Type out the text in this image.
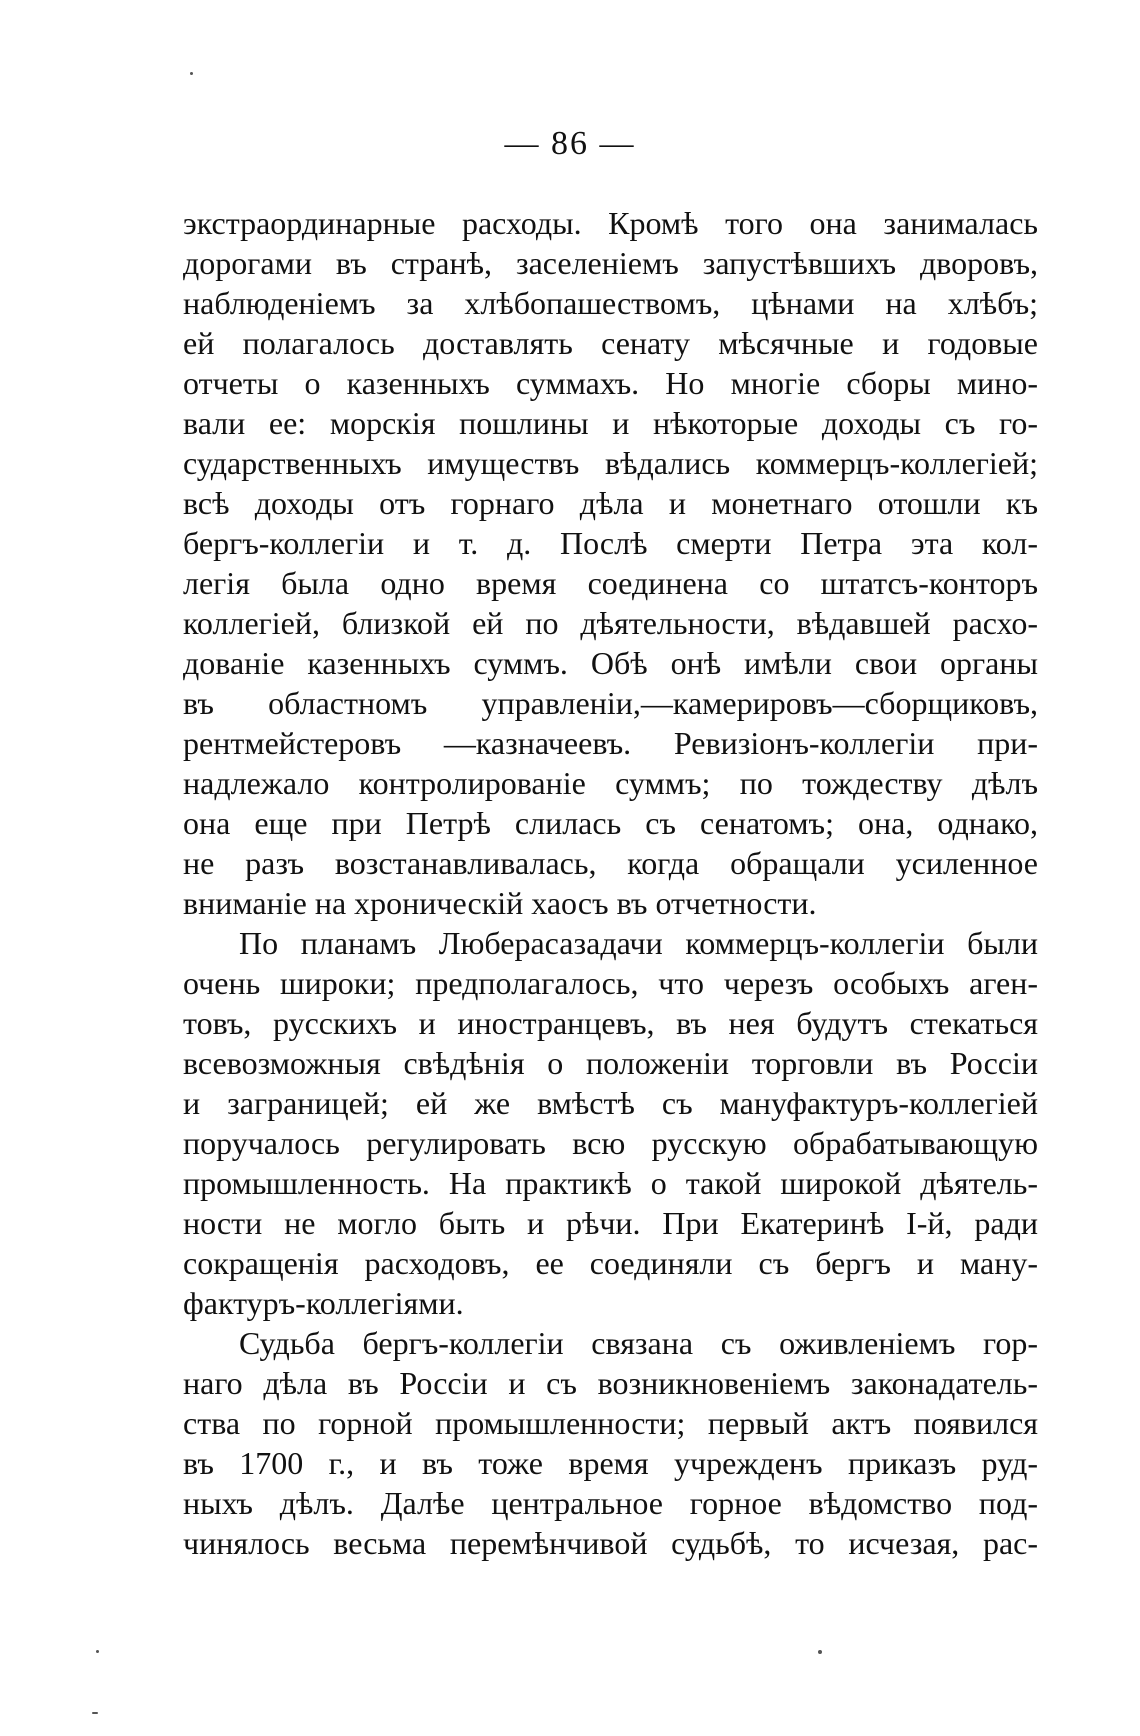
— 86 —
экстраординарные расходы. Кромѣ того она занималась
дорогами въ странѣ, заселенiемъ запустѣвшихъ дворовъ,
наблюденiемъ за хлѣбопашествомъ, цѣнами на хлѣбъ;
ей полагалось доставлять сенату мѣсячные и годовые
отчеты о казенныхъ суммахъ. Но многiе сборы мино-
вали ее: морскiя пошлины и нѣкоторые доходы съ го-
сударственныхъ имуществъ вѣдались коммерцъ-коллегiей;
всѣ доходы отъ горнаго дѣла и монетнаго отошли къ
бергъ-коллегiи и т. д. Послѣ смерти Петра эта кол-
легiя была одно время соединена со штатсъ-конторъ
коллегiей, близкой ей по дѣятельности, вѣдавшей расхо-
дованiе казенныхъ суммъ. Обѣ онѣ имѣли свои органы
въ областномъ управленiи,—камерировъ—сборщиковъ,
рентмейстеровъ —казначеевъ. Ревизiонъ-коллегiи при-
надлежало контролированiе суммъ; по тождеству дѣлъ
она еще при Петрѣ слилась съ сенатомъ; она, однако,
не разъ возстанавливалась, когда обращали усиленное
вниманiе на хроническiй хаосъ въ отчетности.
По планамъ Люберасазадачи коммерцъ-коллегiи были
очень широки; предполагалось, что черезъ особыхъ аген-
товъ, русскихъ и иностранцевъ, въ нея будутъ стекаться
всевозможныя свѣдѣнiя о положенiи торговли въ Россiи
и заграницей; ей же вмѣстѣ съ мануфактуръ-коллегiей
поручалось регулировать всю русскую обрабатывающую
промышленность. На практикѣ о такой широкой дѣятель-
ности не могло быть и рѣчи. При Екатеринѣ I-й, ради
сокращенiя расходовъ, ее соединяли съ бергъ и ману-
фактуръ-коллегiями.
Судьба бергъ-коллегiи связана съ оживленiемъ гор-
наго дѣла въ Россiи и съ возникновенiемъ законадатель-
ства по горной промышленности; первый актъ появился
въ 1700 г., и въ тоже время учрежденъ приказъ руд-
ныхъ дѣлъ. Далѣе центральное горное вѣдомство под-
чинялось весьма перемѣнчивой судьбѣ, то исчезая, рас-
